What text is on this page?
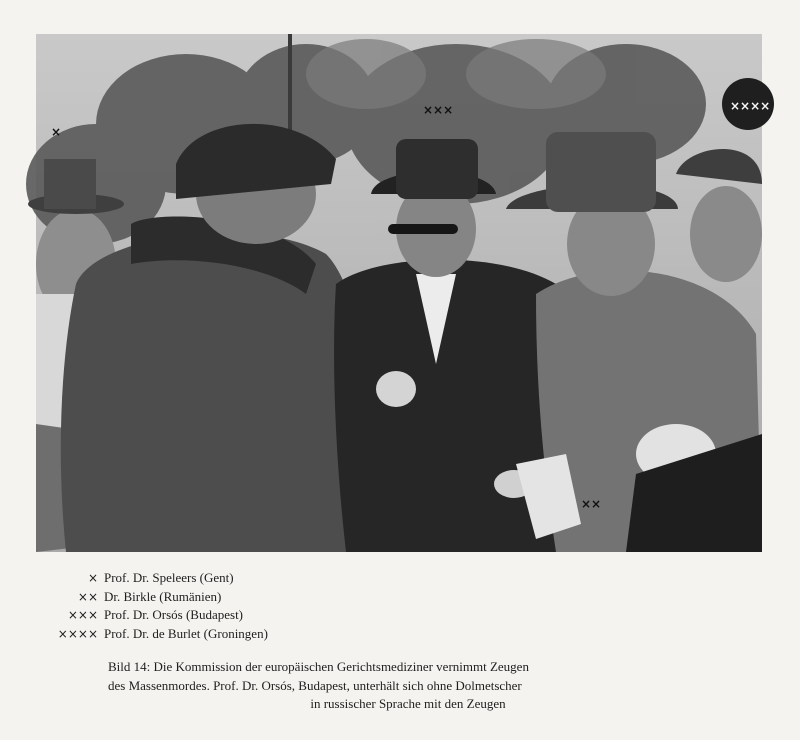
×
×××	××××
××
× Prof. Dr. Speleers (Gent)
×× Dr. Birkle (Rumänien)
××× Prof. Dr. Orsós (Budapest)
×××× Prof. Dr. de Burlet (Groningen)
Bild 14: Die Kommission der europäischen Gerichtsmediziner vernimmt Zeugen
des Massenmordes. Prof. Dr. Orsós, Budapest, unterhält sich ohne Dolmetscher
in russischer Sprache mit den Zeugen
